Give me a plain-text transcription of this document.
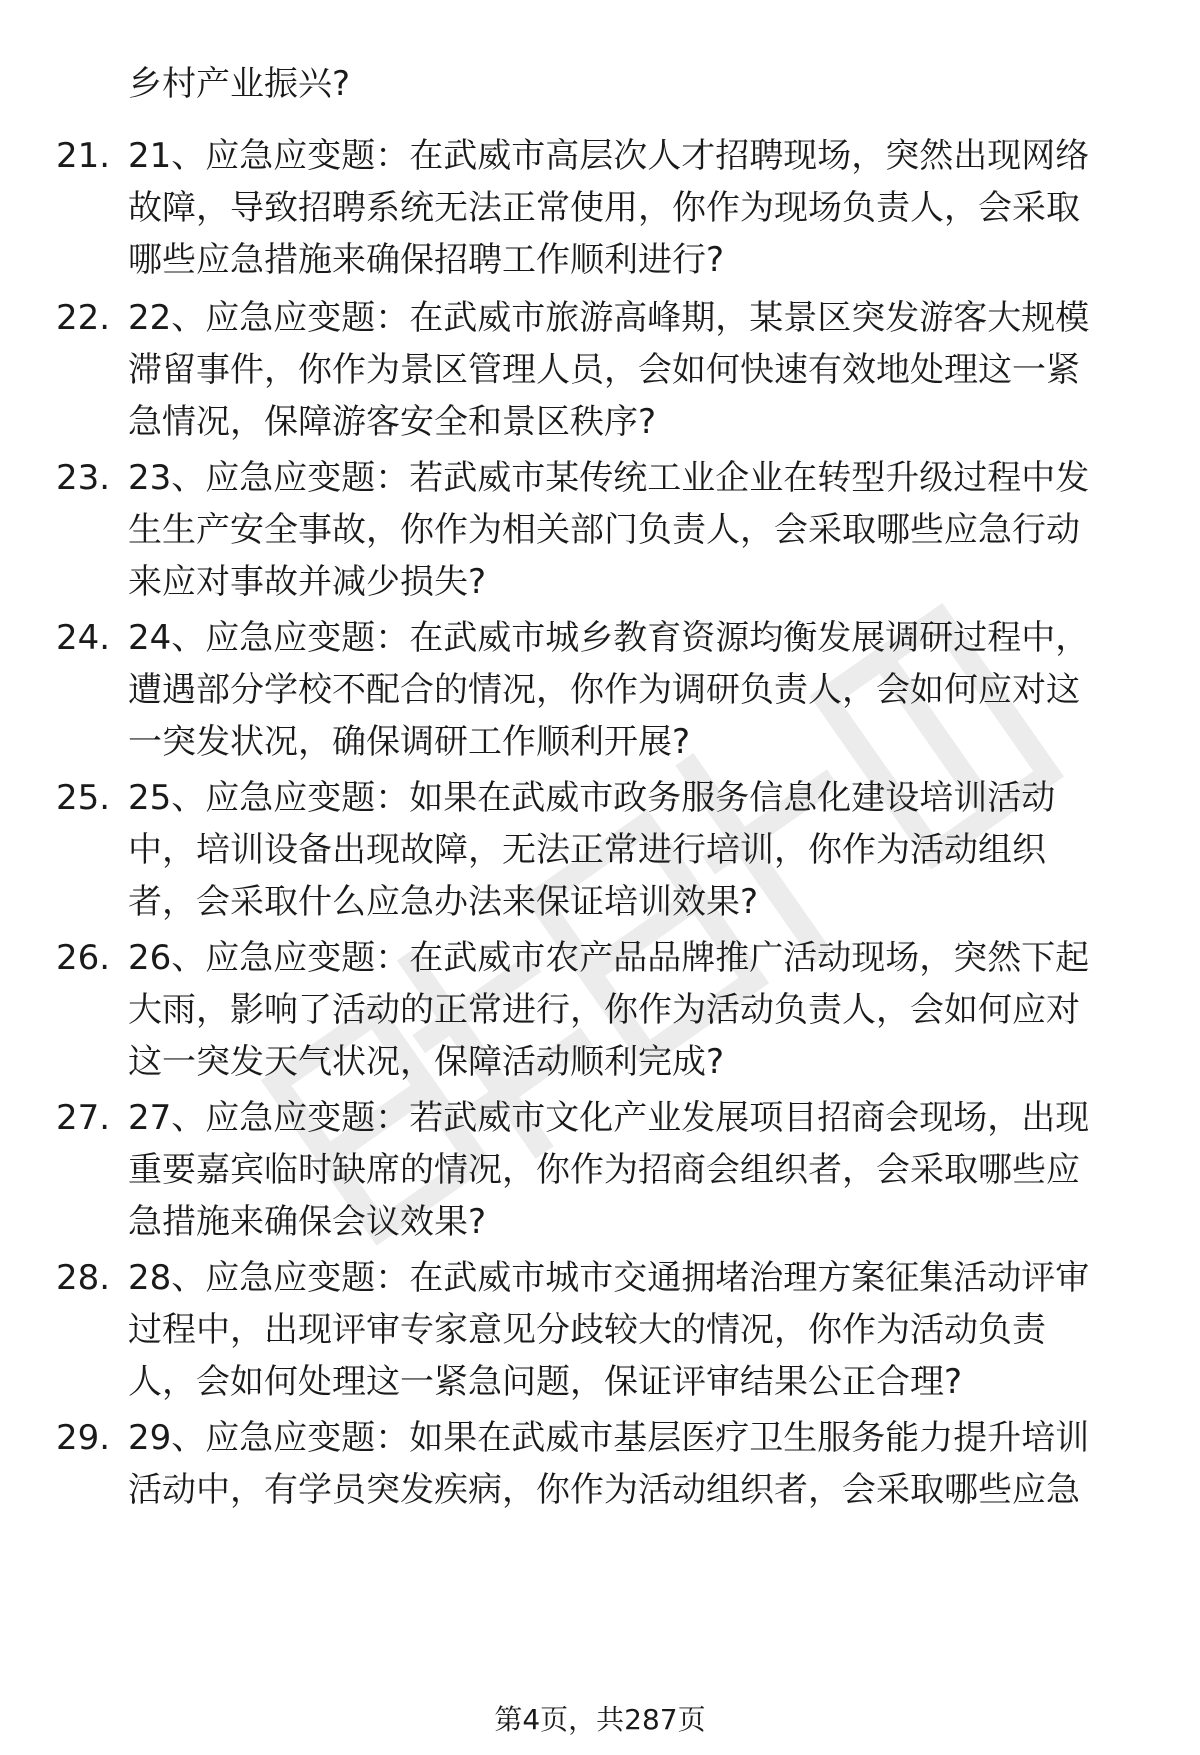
乡村产业振兴?
21. 21、应急应变题：在武威市高层次人才招聘现场，突然出现网络
故障，导致招聘系统无法正常使用，你作为现场负责人，会采取
哪些应急措施来确保招聘工作顺利进行?
22. 22、应急应变题：在武威市旅游高峰期，某景区突发游客大规模
滞留事件，你作为景区管理人员，会如何快速有效地处理这一紧
急情况，保障游客安全和景区秩序?
23. 23、应急应变题：若武威市某传统工业企业在转型升级过程中发
生生产安全事故，你作为相关部门负责人，会采取哪些应急行动
来应对事故并减少损失?
24. 24、应急应变题：在武威市城乡教育资源均衡发展调研过程中，
遭遇部分学校不配合的情况，你作为调研负责人，会如何应对这
一突发状况，确保调研工作顺利开展?
25. 25、应急应变题：如果在武威市政务服务信息化建设培训活动
中，培训设备出现故障，无法正常进行培训，你作为活动组织
者，会采取什么应急办法来保证培训效果?
26. 26、应急应变题：在武威市农产品品牌推广活动现场，突然下起
大雨，影响了活动的正常进行，你作为活动负责人，会如何应对
这一突发天气状况，保障活动顺利完成?
27. 27、应急应变题：若武威市文化产业发展项目招商会现场，出现
重要嘉宾临时缺席的情况，你作为招商会组织者，会采取哪些应
急措施来确保会议效果?
28. 28、应急应变题：在武威市城市交通拥堵治理方案征集活动评审
过程中，出现评审专家意见分歧较大的情况，你作为活动负责
人，会如何处理这一紧急问题，保证评审结果公正合理?
29. 29、应急应变题：如果在武威市基层医疗卫生服务能力提升培训
活动中，有学员突发疾病，你作为活动组织者，会采取哪些应急
第4页，共287页
